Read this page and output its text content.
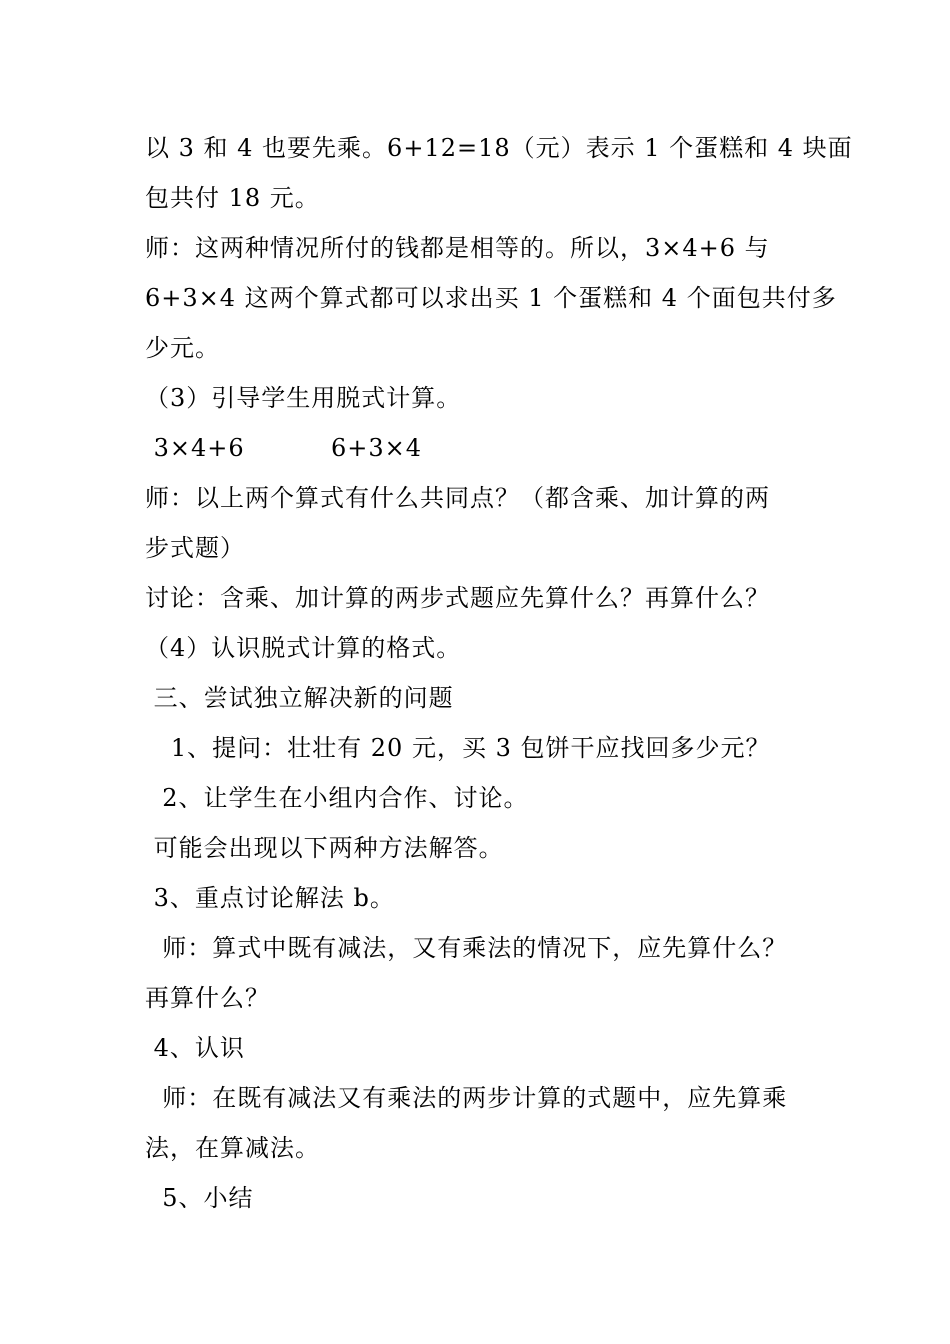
以 3 和 4 也要先乘。6+12=18（元）表示 1 个蛋糕和 4 块面
包共付 18 元。
师：这两种情况所付的钱都是相等的。所以，3×4+6 与
6+3×4 这两个算式都可以求出买 1 个蛋糕和 4 个面包共付多
少元。
（3）引导学生用脱式计算。
3×4+6          6+3×4
师：以上两个算式有什么共同点？（都含乘、加计算的两
步式题）
讨论：含乘、加计算的两步式题应先算什么？再算什么？
（4）认识脱式计算的格式。
三、尝试独立解决新的问题
1、提问：壮壮有 20 元，买 3 包饼干应找回多少元？
2、让学生在小组内合作、讨论。
可能会出现以下两种方法解答。
3、重点讨论解法 b。
师：算式中既有减法，又有乘法的情况下，应先算什么？
再算什么？
4、认识
师：在既有减法又有乘法的两步计算的式题中，应先算乘
法，在算减法。
5、小结
